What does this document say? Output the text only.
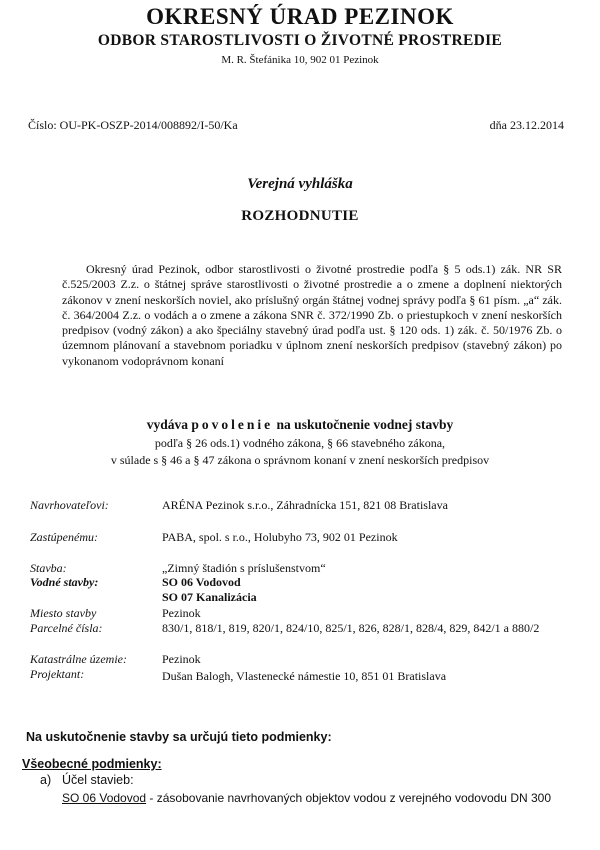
OKRESNÝ ÚRAD PEZINOK
ODBOR STAROSTLIVOSTI O ŽIVOTNÉ PROSTREDIE
M. R. Štefánika 10, 902 01 Pezinok
Číslo: OU-PK-OSZP-2014/008892/I-50/Ka	dňa 23.12.2014
Verejná vyhláška
ROZHODNUTIE
Okresný úrad Pezinok, odbor starostlivosti o životné prostredie podľa § 5 ods.1) zák. NR SR č.525/2003 Z.z. o štátnej správe starostlivosti o životné prostredie a o zmene a doplnení niektorých zákonov v znení neskorších noviel, ako príslušný orgán štátnej vodnej správy podľa § 61 písm. „a“ zák. č. 364/2004 Z.z. o vodách a o zmene a zákona SNR č. 372/1990 Zb. o priestupkoch v znení neskorších predpisov (vodný zákon) a ako špeciálny stavebný úrad podľa ust. § 120 ods. 1) zák. č. 50/1976 Zb. o územnom plánovaní a stavebnom poriadku v úplnom znení neskorších predpisov (stavebný zákon) po vykonanom vodoprávnom konaní
vydáva povolenie na uskutočnenie vodnej stavby
podľa § 26 ods.1) vodného zákona, § 66 stavebného zákona,
v súlade s § 46 a § 47 zákona o správnom konaní v znení neskorších predpisov
Navrhovateľovi:	ARÉNA Pezinok s.r.o., Záhradnícka 151, 821 08 Bratislava
Zastúpenému:	PABA, spol. s r.o., Holubyho 73, 902 01 Pezinok
Stavba:	„Zimný štadión s príslušenstvom“
Vodné stavby:	SO 06 Vodovod
SO 07 Kanalizácia
Miesto stavby	Pezinok
Parcelné čísla:	830/1, 818/1, 819, 820/1, 824/10, 825/1, 826, 828/1, 828/4, 829, 842/1 a 880/2
Katastrálne územie:	Pezinok
Projektant:	Dušan Balogh, Vlastenecké námestie 10, 851 01 Bratislava
Na uskutočnenie stavby sa určujú tieto podmienky:
Všeobecné podmienky:
a) Účel stavieb:
SO 06 Vodovod - zásobovanie navrhovaných objektov vodou z verejného vodovodu DN 300
